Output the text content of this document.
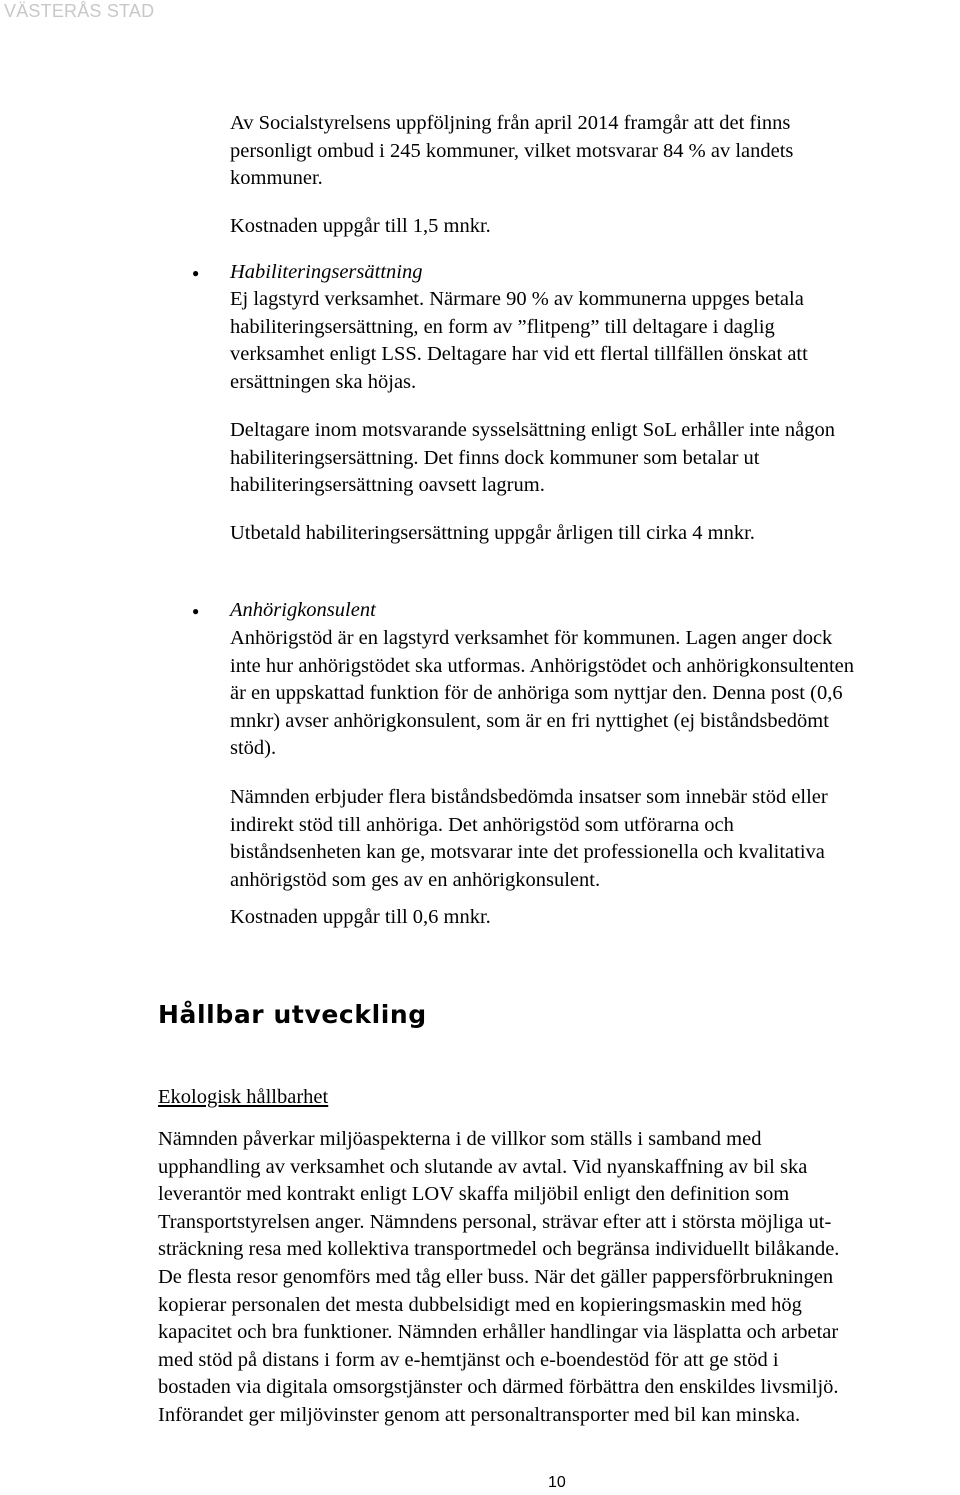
VÄSTERÅS STAD
Av Socialstyrelsens uppföljning från april 2014 framgår att det finns
personligt ombud i 245 kommuner, vilket motsvarar 84 % av landets
kommuner.
Kostnaden uppgår till 1,5 mnkr.
● Habiliteringsersättning
Ej lagstyrd verksamhet. Närmare 90 % av kommunerna uppges betala
habiliteringsersättning, en form av ”flitpeng” till deltagare i daglig
verksamhet enligt LSS. Deltagare har vid ett flertal tillfällen önskat att
ersättningen ska höjas.
Deltagare inom motsvarande sysselsättning enligt SoL erhåller inte någon
habiliteringsersättning. Det finns dock kommuner som betalar ut
habiliteringsersättning oavsett lagrum.
Utbetald habiliteringsersättning uppgår årligen till cirka 4 mnkr.
● Anhörigkonsulent
Anhörigstöd är en lagstyrd verksamhet för kommunen. Lagen anger dock
inte hur anhörigstödet ska utformas. Anhörigstödet och anhörigkonsultenten
är en uppskattad funktion för de anhöriga som nyttjar den. Denna post (0,6
mnkr) avser anhörigkonsulent, som är en fri nyttighet (ej biståndsbedömt
stöd).
Nämnden erbjuder flera biståndsbedömda insatser som innebär stöd eller
indirekt stöd till anhöriga. Det anhörigstöd som utförarna och
biståndsenheten kan ge, motsvarar inte det professionella och kvalitativa
anhörigstöd som ges av en anhörigkonsulent.
Kostnaden uppgår till 0,6 mnkr.
Hållbar utveckling
Ekologisk hållbarhet
Nämnden påverkar miljöaspekterna i de villkor som ställs i samband med
upphandling av verksamhet och slutande av avtal. Vid nyanskaffning av bil ska
leverantör med kontrakt enligt LOV skaffa miljöbil enligt den definition som
Transportstyrelsen anger. Nämndens personal, strävar efter att i största möjliga ut-
sträckning resa med kollektiva transportmedel och begränsa individuellt bilåkande.
De flesta resor genomförs med tåg eller buss. När det gäller pappersförbrukningen
kopierar personalen det mesta dubbelsidigt med en kopieringsmaskin med hög
kapacitet och bra funktioner. Nämnden erhåller handlingar via läsplatta och arbetar
med stöd på distans i form av e-hemtjänst och e-boendestöd för att ge stöd i
bostaden via digitala omsorgstjänster och därmed förbättra den enskildes livsmiljö.
Införandet ger miljövinster genom att personaltransporter med bil kan minska.
10
